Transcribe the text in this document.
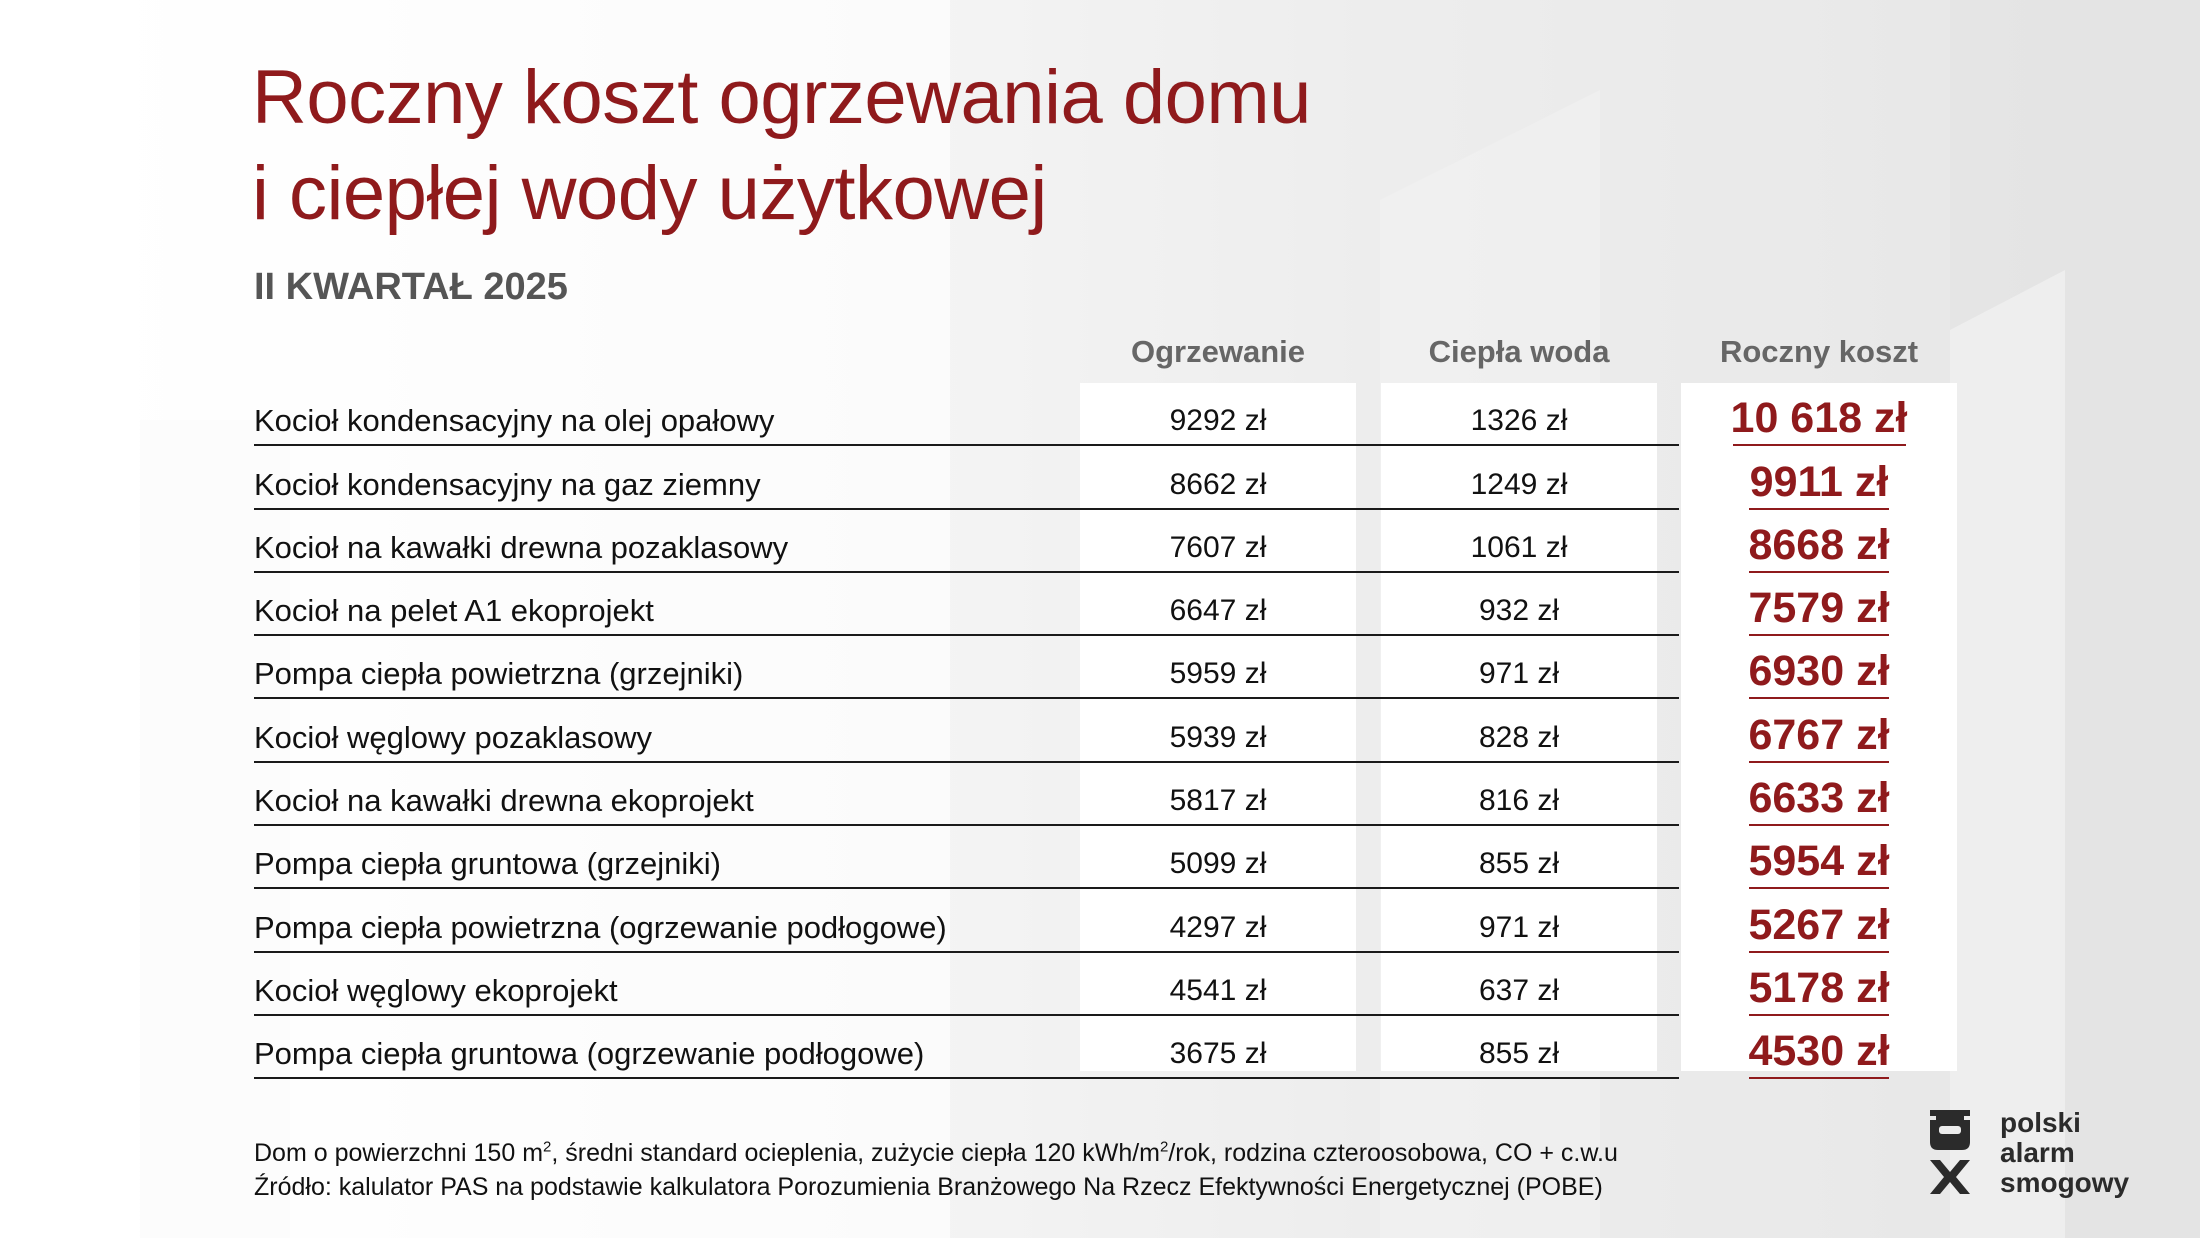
Roczny koszt ogrzewania domu
i ciepłej wody użytkowej
II KWARTAŁ 2025
Ogrzewanie	Ciepła woda	Roczny koszt
Kocioł kondensacyjny na olej opałowy	9292 zł	1326 zł	10 618 zł
Kocioł kondensacyjny na gaz ziemny	8662 zł	1249 zł	9911 zł
Kocioł na kawałki drewna pozaklasowy	7607 zł	1061 zł	8668 zł
Kocioł na pelet A1 ekoprojekt	6647 zł	932 zł	7579 zł
Pompa ciepła powietrzna (grzejniki)	5959 zł	971 zł	6930 zł
Kocioł węglowy pozaklasowy	5939 zł	828 zł	6767 zł
Kocioł na kawałki drewna ekoprojekt	5817 zł	816 zł	6633 zł
Pompa ciepła gruntowa (grzejniki)	5099 zł	855 zł	5954 zł
Pompa ciepła powietrzna (ogrzewanie podłogowe)	4297 zł	971 zł	5267 zł
Kocioł węglowy ekoprojekt	4541 zł	637 zł	5178 zł
Pompa ciepła gruntowa (ogrzewanie podłogowe)	3675 zł	855 zł	4530 zł

Dom o powierzchni 150 $m^2$, średni standard ocieplenia, zużycie ciepła 120 kWh/$m^2$/rok, rodzina czteroosobowa, CO + c.w.u

Źródło: kalulator PAS na podstawie kalkulatora Porozumienia Branżowego Na Rzecz Efektywności Energetycznej (POBE)

polski
alarm
smogowy
